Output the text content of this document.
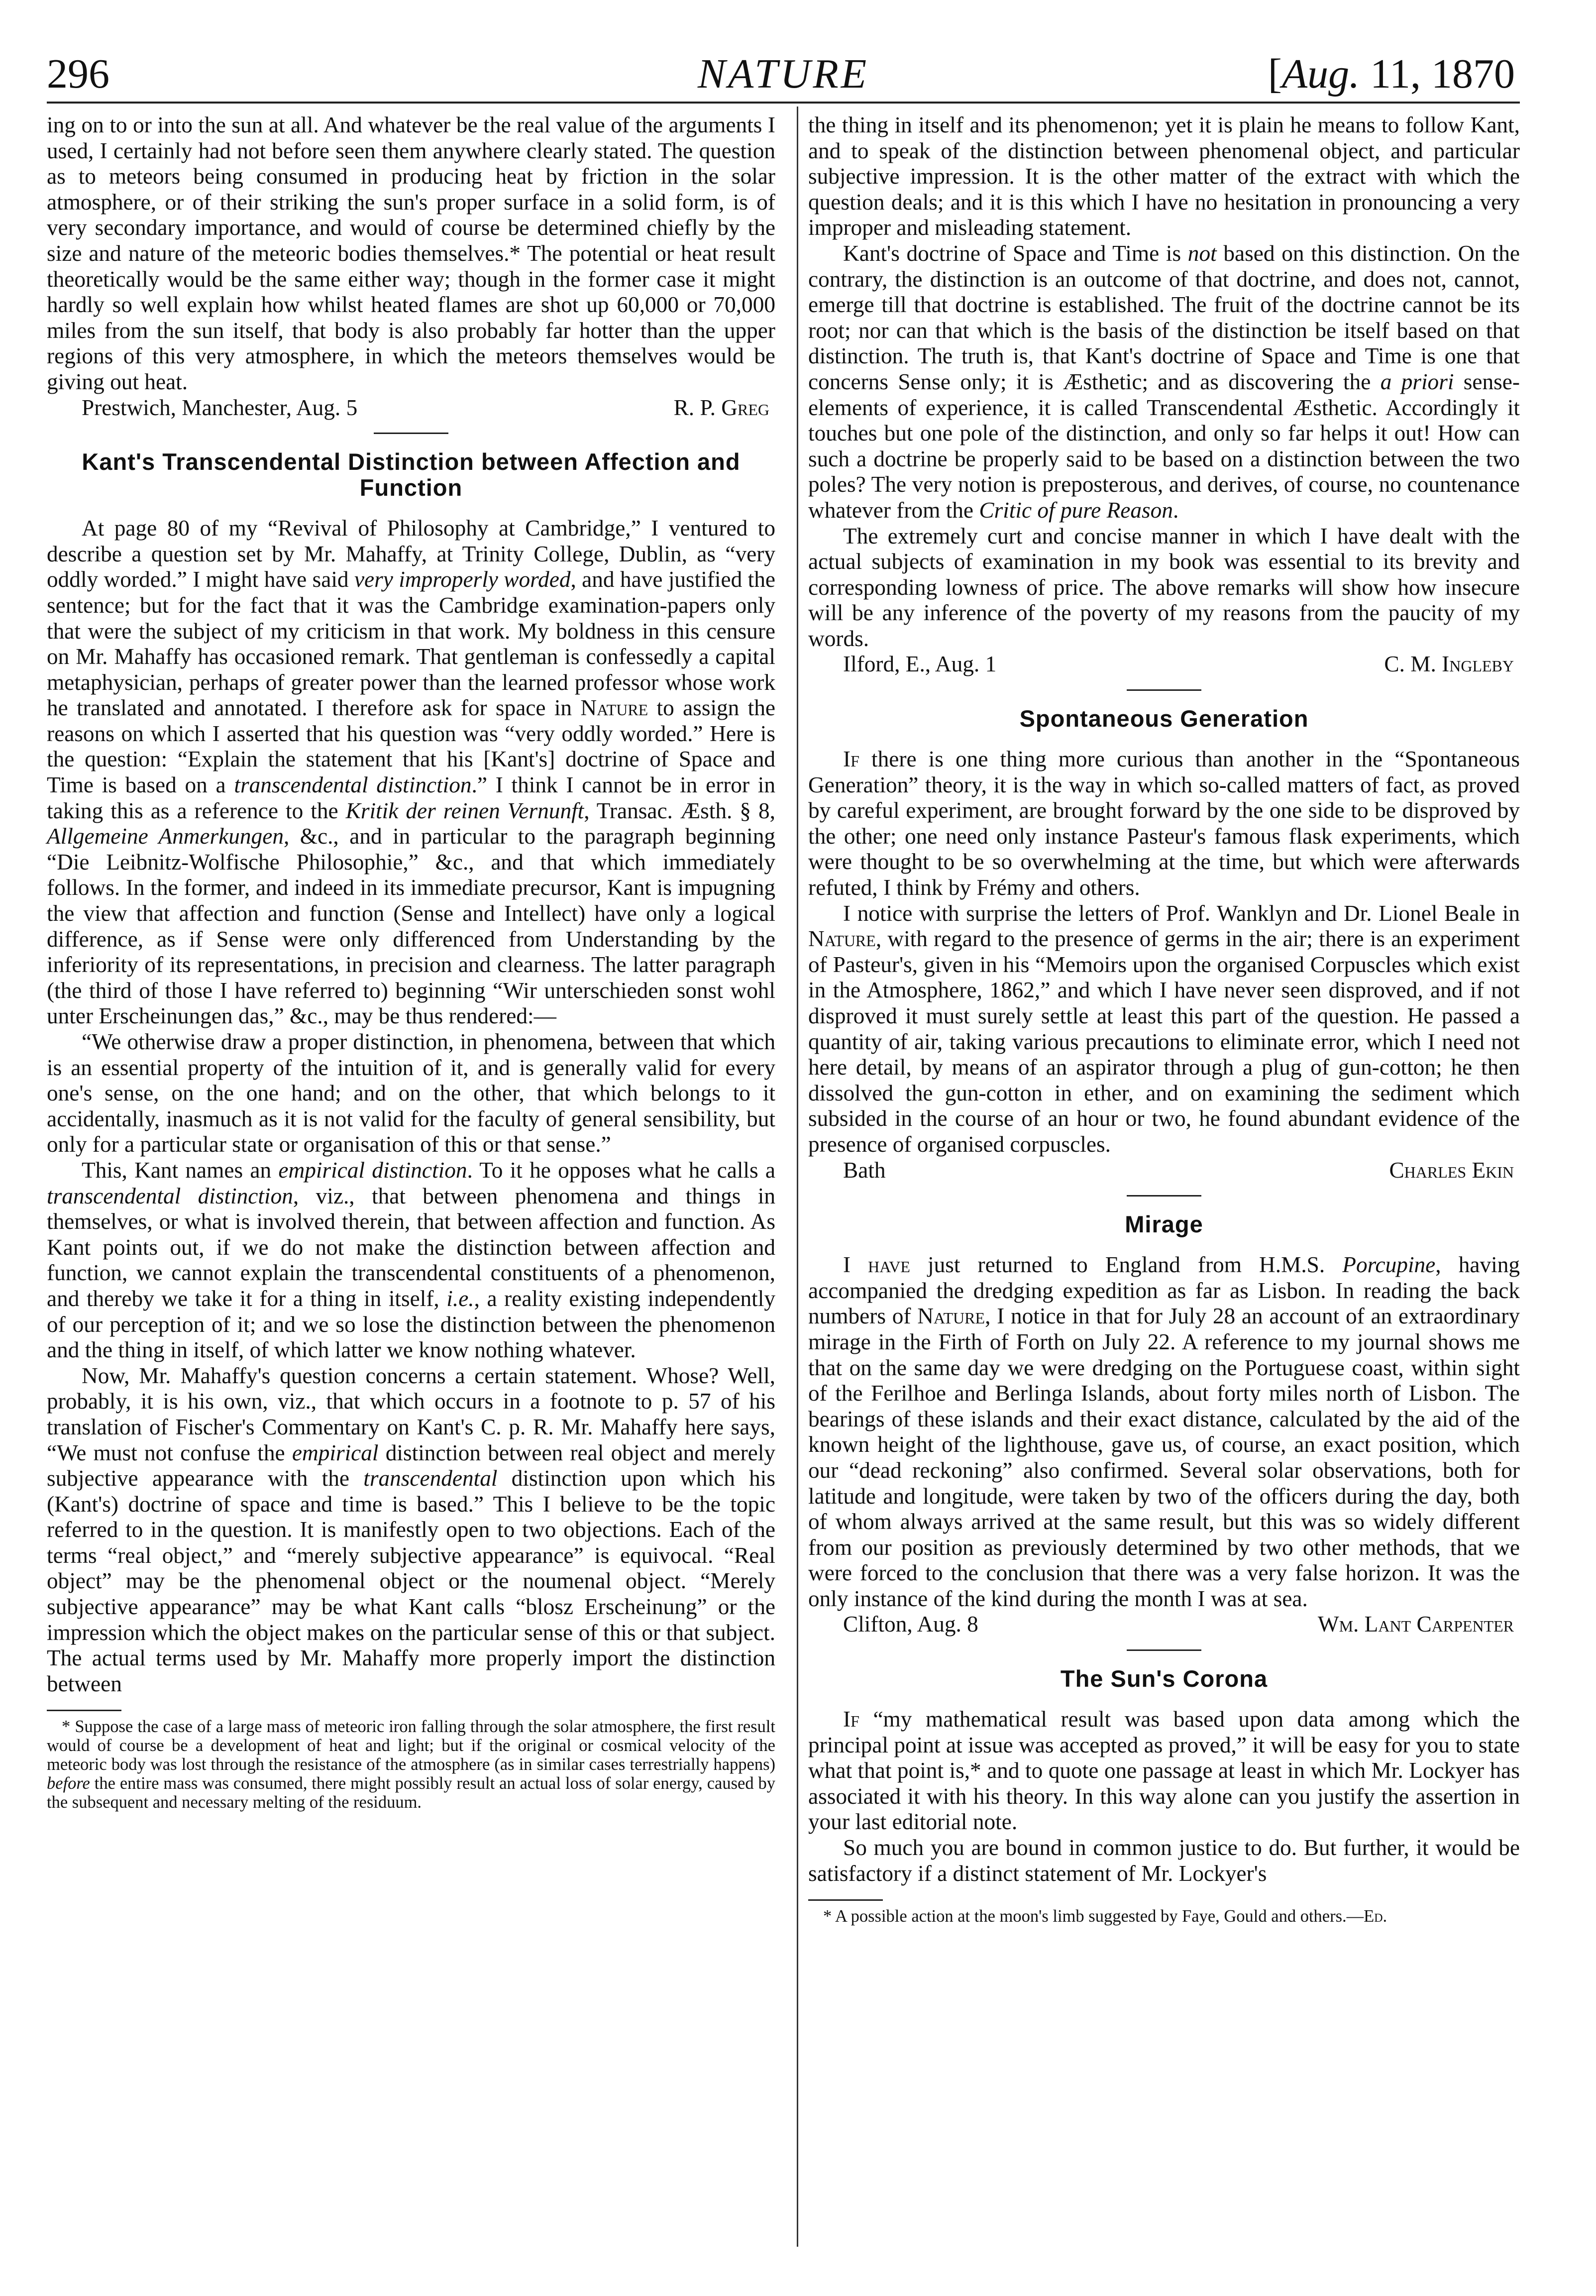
296	NATURE	[Aug. 11, 1870

ing on to or into the sun at all. And whatever be the real value of the arguments I used, I certainly had not before seen them anywhere clearly stated. The question as to meteors being consumed in producing heat by friction in the solar atmosphere, or of their striking the sun's proper surface in a solid form, is of very secondary importance, and would of course be determined chiefly by the size and nature of the meteoric bodies themselves.* The potential or heat result theoretically would be the same either way; though in the former case it might hardly so well explain how whilst heated flames are shot up 60,000 or 70,000 miles from the sun itself, that body is also probably far hotter than the upper regions of this very atmosphere, in which the meteors themselves would be giving out heat.

Prestwich, Manchester, Aug. 5	R. P. Greg
Kant's Transcendental Distinction between Affection and Function

At page 80 of my “Revival of Philosophy at Cambridge,” I ventured to describe a question set by Mr. Mahaffy, at Trinity College, Dublin, as “very oddly worded.” I might have said very improperly worded, and have justified the sentence; but for the fact that it was the Cambridge examination-papers only that were the subject of my criticism in that work. My boldness in this censure on Mr. Mahaffy has occasioned remark. That gentleman is confessedly a capital metaphysician, perhaps of greater power than the learned professor whose work he translated and annotated. I therefore ask for space in Nature to assign the reasons on which I asserted that his question was “very oddly worded.” Here is the question: “Explain the statement that his [Kant's] doctrine of Space and Time is based on a transcendental distinction.” I think I cannot be in error in taking this as a reference to the Kritik der reinen Vernunft, Transac. Æsth. § 8, Allgemeine Anmerkungen, &c., and in particular to the paragraph beginning “Die Leibnitz-Wolfische Philosophie,” &c., and that which immediately follows. In the former, and indeed in its immediate precursor, Kant is impugning the view that affection and function (Sense and Intellect) have only a logical difference, as if Sense were only differenced from Understanding by the inferiority of its representations, in precision and clearness. The latter paragraph (the third of those I have referred to) beginning “Wir unterschieden sonst wohl unter Erscheinungen das,” &c., may be thus rendered:—

“We otherwise draw a proper distinction, in phenomena, between that which is an essential property of the intuition of it, and is generally valid for every one's sense, on the one hand; and on the other, that which belongs to it accidentally, inasmuch as it is not valid for the faculty of general sensibility, but only for a particular state or organisation of this or that sense.”

This, Kant names an empirical distinction. To it he opposes what he calls a transcendental distinction, viz., that between phenomena and things in themselves, or what is involved therein, that between affection and function. As Kant points out, if we do not make the distinction between affection and function, we cannot explain the transcendental constituents of a phenomenon, and thereby we take it for a thing in itself, i.e., a reality existing independently of our perception of it; and we so lose the distinction between the phenomenon and the thing in itself, of which latter we know nothing whatever.

Now, Mr. Mahaffy's question concerns a certain statement. Whose? Well, probably, it is his own, viz., that which occurs in a footnote to p. 57 of his translation of Fischer's Commentary on Kant's C. p. R. Mr. Mahaffy here says, “We must not confuse the empirical distinction between real object and merely subjective appearance with the transcendental distinction upon which his (Kant's) doctrine of space and time is based.” This I believe to be the topic referred to in the question. It is manifestly open to two objections. Each of the terms “real object,” and “merely subjective appearance” is equivocal. “Real object” may be the phenomenal object or the noumenal object. “Merely subjective appearance” may be what Kant calls “blosz Erscheinung” or the impression which the object makes on the particular sense of this or that subject. The actual terms used by Mr. Mahaffy more properly import the distinction between

* Suppose the case of a large mass of meteoric iron falling through the solar atmosphere, the first result would of course be a development of heat and light; but if the original or cosmical velocity of the meteoric body was lost through the resistance of the atmosphere (as in similar cases terrestrially happens) before the entire mass was consumed, there might possibly result an actual loss of solar energy, caused by the subsequent and necessary melting of the residuum.

the thing in itself and its phenomenon; yet it is plain he means to follow Kant, and to speak of the distinction between phenomenal object, and particular subjective impression. It is the other matter of the extract with which the question deals; and it is this which I have no hesitation in pronouncing a very improper and misleading statement.

Kant's doctrine of Space and Time is not based on this distinction. On the contrary, the distinction is an outcome of that doctrine, and does not, cannot, emerge till that doctrine is established. The fruit of the doctrine cannot be its root; nor can that which is the basis of the distinction be itself based on that distinction. The truth is, that Kant's doctrine of Space and Time is one that concerns Sense only; it is Æsthetic; and as discovering the a priori sense-elements of experience, it is called Transcendental Æsthetic. Accordingly it touches but one pole of the distinction, and only so far helps it out! How can such a doctrine be properly said to be based on a distinction between the two poles? The very notion is preposterous, and derives, of course, no countenance whatever from the Critic of pure Reason.

The extremely curt and concise manner in which I have dealt with the actual subjects of examination in my book was essential to its brevity and corresponding lowness of price. The above remarks will show how insecure will be any inference of the poverty of my reasons from the paucity of my words.

Ilford, E., Aug. 1	C. M. Ingleby
Spontaneous Generation

If there is one thing more curious than another in the “Spontaneous Generation” theory, it is the way in which so-called matters of fact, as proved by careful experiment, are brought forward by the one side to be disproved by the other; one need only instance Pasteur's famous flask experiments, which were thought to be so overwhelming at the time, but which were afterwards refuted, I think by Frémy and others.

I notice with surprise the letters of Prof. Wanklyn and Dr. Lionel Beale in Nature, with regard to the presence of germs in the air; there is an experiment of Pasteur's, given in his “Memoirs upon the organised Corpuscles which exist in the Atmosphere, 1862,” and which I have never seen disproved, and if not disproved it must surely settle at least this part of the question. He passed a quantity of air, taking various precautions to eliminate error, which I need not here detail, by means of an aspirator through a plug of gun-cotton; he then dissolved the gun-cotton in ether, and on examining the sediment which subsided in the course of an hour or two, he found abundant evidence of the presence of organised corpuscles.

Bath	Charles Ekin
Mirage

I have just returned to England from H.M.S. Porcupine, having accompanied the dredging expedition as far as Lisbon. In reading the back numbers of Nature, I notice in that for July 28 an account of an extraordinary mirage in the Firth of Forth on July 22. A reference to my journal shows me that on the same day we were dredging on the Portuguese coast, within sight of the Ferilhoe and Berlinga Islands, about forty miles north of Lisbon. The bearings of these islands and their exact distance, calculated by the aid of the known height of the lighthouse, gave us, of course, an exact position, which our “dead reckoning” also confirmed. Several solar observations, both for latitude and longitude, were taken by two of the officers during the day, both of whom always arrived at the same result, but this was so widely different from our position as previously determined by two other methods, that we were forced to the conclusion that there was a very false horizon. It was the only instance of the kind during the month I was at sea.

Clifton, Aug. 8	Wm. Lant Carpenter
The Sun's Corona

If “my mathematical result was based upon data among which the principal point at issue was accepted as proved,” it will be easy for you to state what that point is,* and to quote one passage at least in which Mr. Lockyer has associated it with his theory. In this way alone can you justify the assertion in your last editorial note.

So much you are bound in common justice to do. But further, it would be satisfactory if a distinct statement of Mr. Lockyer's

* A possible action at the moon's limb suggested by Faye, Gould and others.—Ed.
